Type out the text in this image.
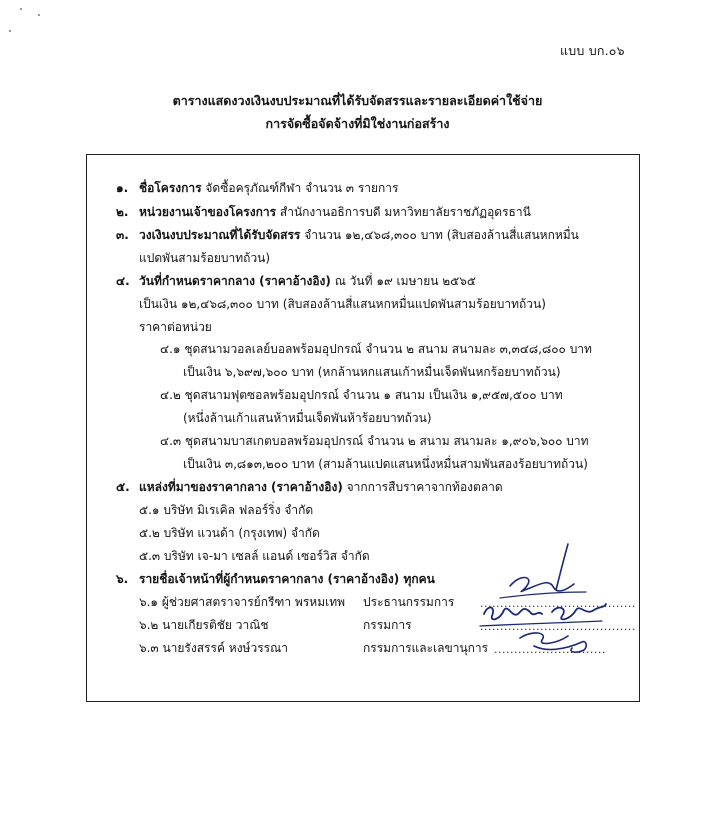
แบบ บก.๐๖
ตารางแสดงวงเงินงบประมาณที่ได้รับจัดสรรและรายละเอียดค่าใช้จ่าย
การจัดซื้อจัดจ้างที่มิใช่งานก่อสร้าง
๑. ชื่อโครงการ จัดซื้อครุภัณฑ์กีฬา จำนวน ๓ รายการ
๒. หน่วยงานเจ้าของโครงการ สำนักงานอธิการบดี มหาวิทยาลัยราชภัฏอุดรธานี
๓. วงเงินงบประมาณที่ได้รับจัดสรร จำนวน ๑๒,๔๖๘,๓๐๐ บาท (สิบสองล้านสี่แสนหกหมื่น
แปดพันสามร้อยบาทถ้วน)
๔. วันที่กำหนดราคากลาง (ราคาอ้างอิง) ณ วันที่ ๑๙ เมษายน ๒๕๖๕
เป็นเงิน ๑๒,๔๖๘,๓๐๐ บาท (สิบสองล้านสี่แสนหกหมื่นแปดพันสามร้อยบาทถ้วน)
ราคาต่อหน่วย
๔.๑ ชุดสนามวอลเลย์บอลพร้อมอุปกรณ์ จำนวน ๒ สนาม สนามละ ๓,๓๔๘,๘๐๐ บาท
เป็นเงิน ๖,๖๙๗,๖๐๐ บาท (หกล้านหกแสนเก้าหมื่นเจ็ดพันหกร้อยบาทถ้วน)
๔.๒ ชุดสนามฟุตซอลพร้อมอุปกรณ์ จำนวน ๑ สนาม เป็นเงิน ๑,๙๕๗,๕๐๐ บาท
(หนึ่งล้านเก้าแสนห้าหมื่นเจ็ดพันห้าร้อยบาทถ้วน)
๔.๓ ชุดสนามบาสเกตบอลพร้อมอุปกรณ์ จำนวน ๒ สนาม สนามละ ๑,๙๐๖,๖๐๐ บาท
เป็นเงิน ๓,๘๑๓,๒๐๐ บาท (สามล้านแปดแสนหนึ่งหมื่นสามพันสองร้อยบาทถ้วน)
๕. แหล่งที่มาของราคากลาง (ราคาอ้างอิง) จากการสืบราคาจากท้องตลาด
๕.๑ บริษัท มิเรเคิล ฟลอร์ริ่ง จำกัด
๕.๒ บริษัท แวนด้า (กรุงเทพ) จำกัด
๕.๓ บริษัท เจ-มา เซลล์ แอนด์ เซอร์วิส จำกัด
๖. รายชื่อเจ้าหน้าที่ผู้กำหนดราคากลาง (ราคาอ้างอิง) ทุกคน
๖.๑ ผู้ช่วยศาสตราจารย์กรีฑา พรหมเทพ ประธานกรรมการ .......................................
๖.๒ นายเกียรติชัย วาณิช	กรรมการ	.......................................
๖.๓ นายรังสรรค์ หงษ์วรรณา	กรรมการและเลขานุการ ............................
